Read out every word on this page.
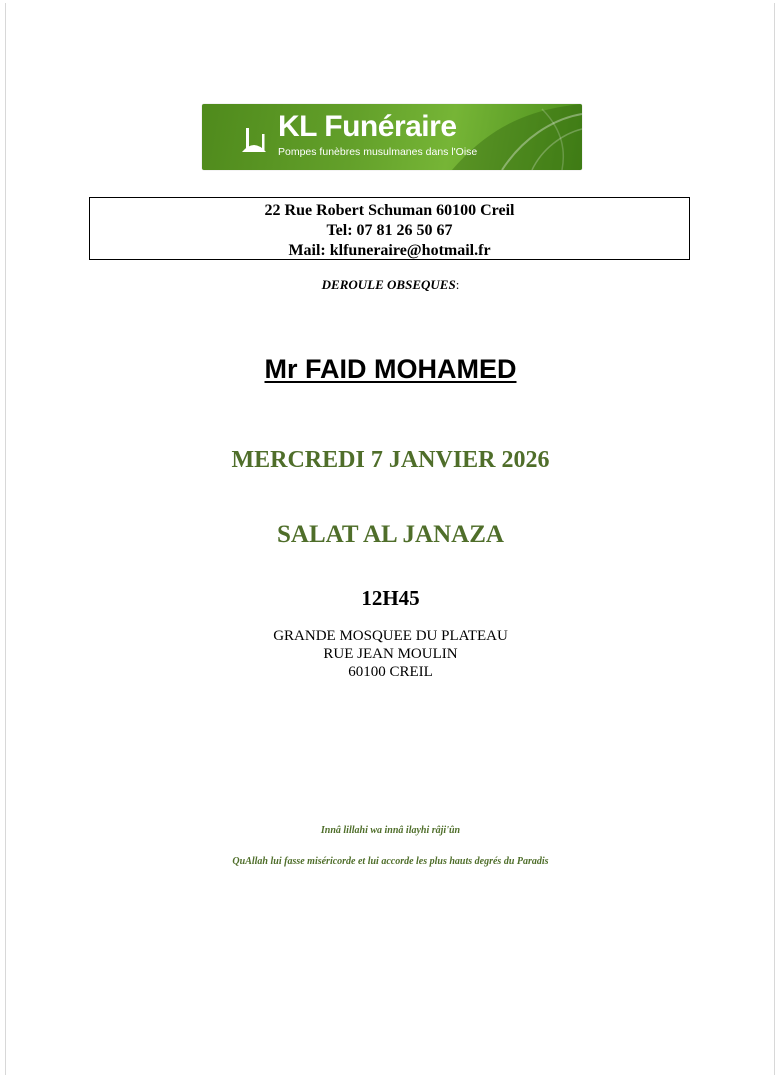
KL Funéraire
Pompes funèbres musulmanes dans l'Oise
22 Rue Robert Schuman 60100 Creil
Tel: 07 81 26 50 67
Mail: klfuneraire@hotmail.fr
DEROULE OBSEQUES:
Mr FAID MOHAMED
MERCREDI 7 JANVIER 2026
SALAT AL JANAZA
12H45
GRANDE MOSQUEE DU PLATEAU
RUE JEAN MOULIN
60100 CREIL
Innâ lillahi wa innâ ilayhi râji'ûn
QuAllah lui fasse miséricorde et lui accorde les plus hauts degrés du Paradis
